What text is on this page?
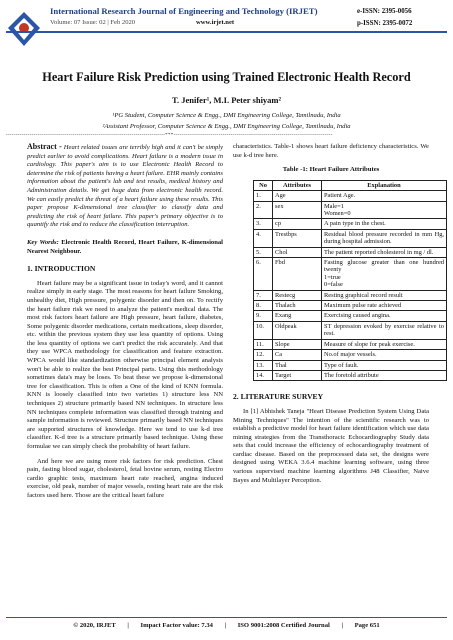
International Research Journal of Engineering and Technology (IRJET)
Volume: 07 Issue: 02 | Feb 2020	www.irjet.net
e-ISSN: 2395-0056
p-ISSN: 2395-0072
Heart Failure Risk Prediction using Trained Electronic Health Record
T. Jenifer¹, M.I. Peter shiyam²
¹PG Student, Computer Science & Engg., DMI Engineering College, Tamilnadu, India
²Assistant Professor, Computer Science & Engg., DMI Engineering College, Tamilnadu, India
---------------------------------------------------------------------------------***---------------------------------------------------------------------------------
Abstract - Heart related issues are terribly high and it can't be simply predict earlier to avoid complications. Heart failure is a modern issue in cardiology. This paper's aim is to use Electronic Health Record to determine the risk of patients having a heart failure. EHR mainly contains information about the patient's lab and test results, medical history and Administration details. We get huge data from electronic health record. We can easily predict the threat of a heart failure using these results. This paper propose K-dimensional tree classifier to classify data and predicting the risk of heart failure. This paper's primary objective is to quantify the risk and to reduce the classification interruption.
Key Words: Electronic Health Record, Heart Failure, K-dimensional Nearest Neighbour.
1. INTRODUCTION

Heart failure may be a significant issue in today's word, and it cannot realize simply in early stage. The most reasons for heart failure Smoking, unhealthy diet, High pressure, polygenic disorder and then on. To rectify the heart failure risk we need to analyze the patient's medical data. The most risk factors heart failure are High pressure, heart failure, diabetes, Some polygenic disorder medications, certain medications, sleep disorder, etc. within the previous system they use less quantity of options. Using the less quantity of options we can't predict the risk accurately. And that they use WPCA methodology for classification and feature extraction. WPCA would like standardization otherwise principal element analysis won't be able to realize the best Principal parts. Using this methodology sometimes data's may be loses. To beat these we propose k-dimensional tree for classification. This is often a One of the kind of KNN formula. KNN is loosely classified into two varieties 1) structure less NN techniques 2) structure primarily based NN techniques. In structure less NN techniques complete information was classified through training and sample information is reviewed. Structure primarily based NN techniques are supported structures of knowledge. Here we tend to use k-d tree classifier. K-d tree is a structure primarily based technique. Using these formulae we can simply check the probability of heart failure.

And here we are using more risk factors for risk prediction. Chest pain, fasting blood sugar, cholesterol, fetal bovine serum, resting Electro cardio graphic tests, maximum heart rate reached, angina induced exercise, old peak, number of major vessels, resting heart rate are the risk factors used here. Those are the critical heart failure

characteristics. Table-1 shows heart failure deficiency characteristics. We use k-d tree here.

Table -1: Heart Failure Attributes
No	Attributes	Explanation
1.	Age	Patient Age.
2.	sex	Male=1
Women=0
3.	cp	A pain type in the chest.
4.	Trestbps	Residual blood pressure recorded in mm Hg, during hospital admission.
5.	Chol	The patient reported cholesterol in mg / dl.
6.	Fbd	Fasting glucose greater than one hundred twenty
1=true
0=false
7.	Restecg	Resting graphical record result
8.	Thalach	Maximum pulse rate achieved
9.	Exang	Exercising caused angina.
10.	Oldpeak	ST depression evoked by exercise relative to rest.
11.	Slope	Measure of slope for peak exercise.
12.	Ca	No.of major vessels.
13.	Thal	Type of fault.
14.	Target	The foretold attribute
2. LITERATURE SURVEY

In [1] Abhishek Taneja "Heart Disease Prediction System Using Data Mining Techniques" The intention of the scientific research was to establish a predictive model for heart failure identification which use data mining strategies from the Transthoracic Echocardiography Study data sets that could increase the efficiency of echocardiography treatment of cardiac disease. Based on the preprocessed data set, the designs were designed using WEKA 3.6.4 machine learning software, using three various supervised machine learning algorithms J48 Classifier, Naive Bayes and Multilayer Perception.

© 2020, IRJET | Impact Factor value: 7.34 | ISO 9001:2008 Certified Journal | Page 651
